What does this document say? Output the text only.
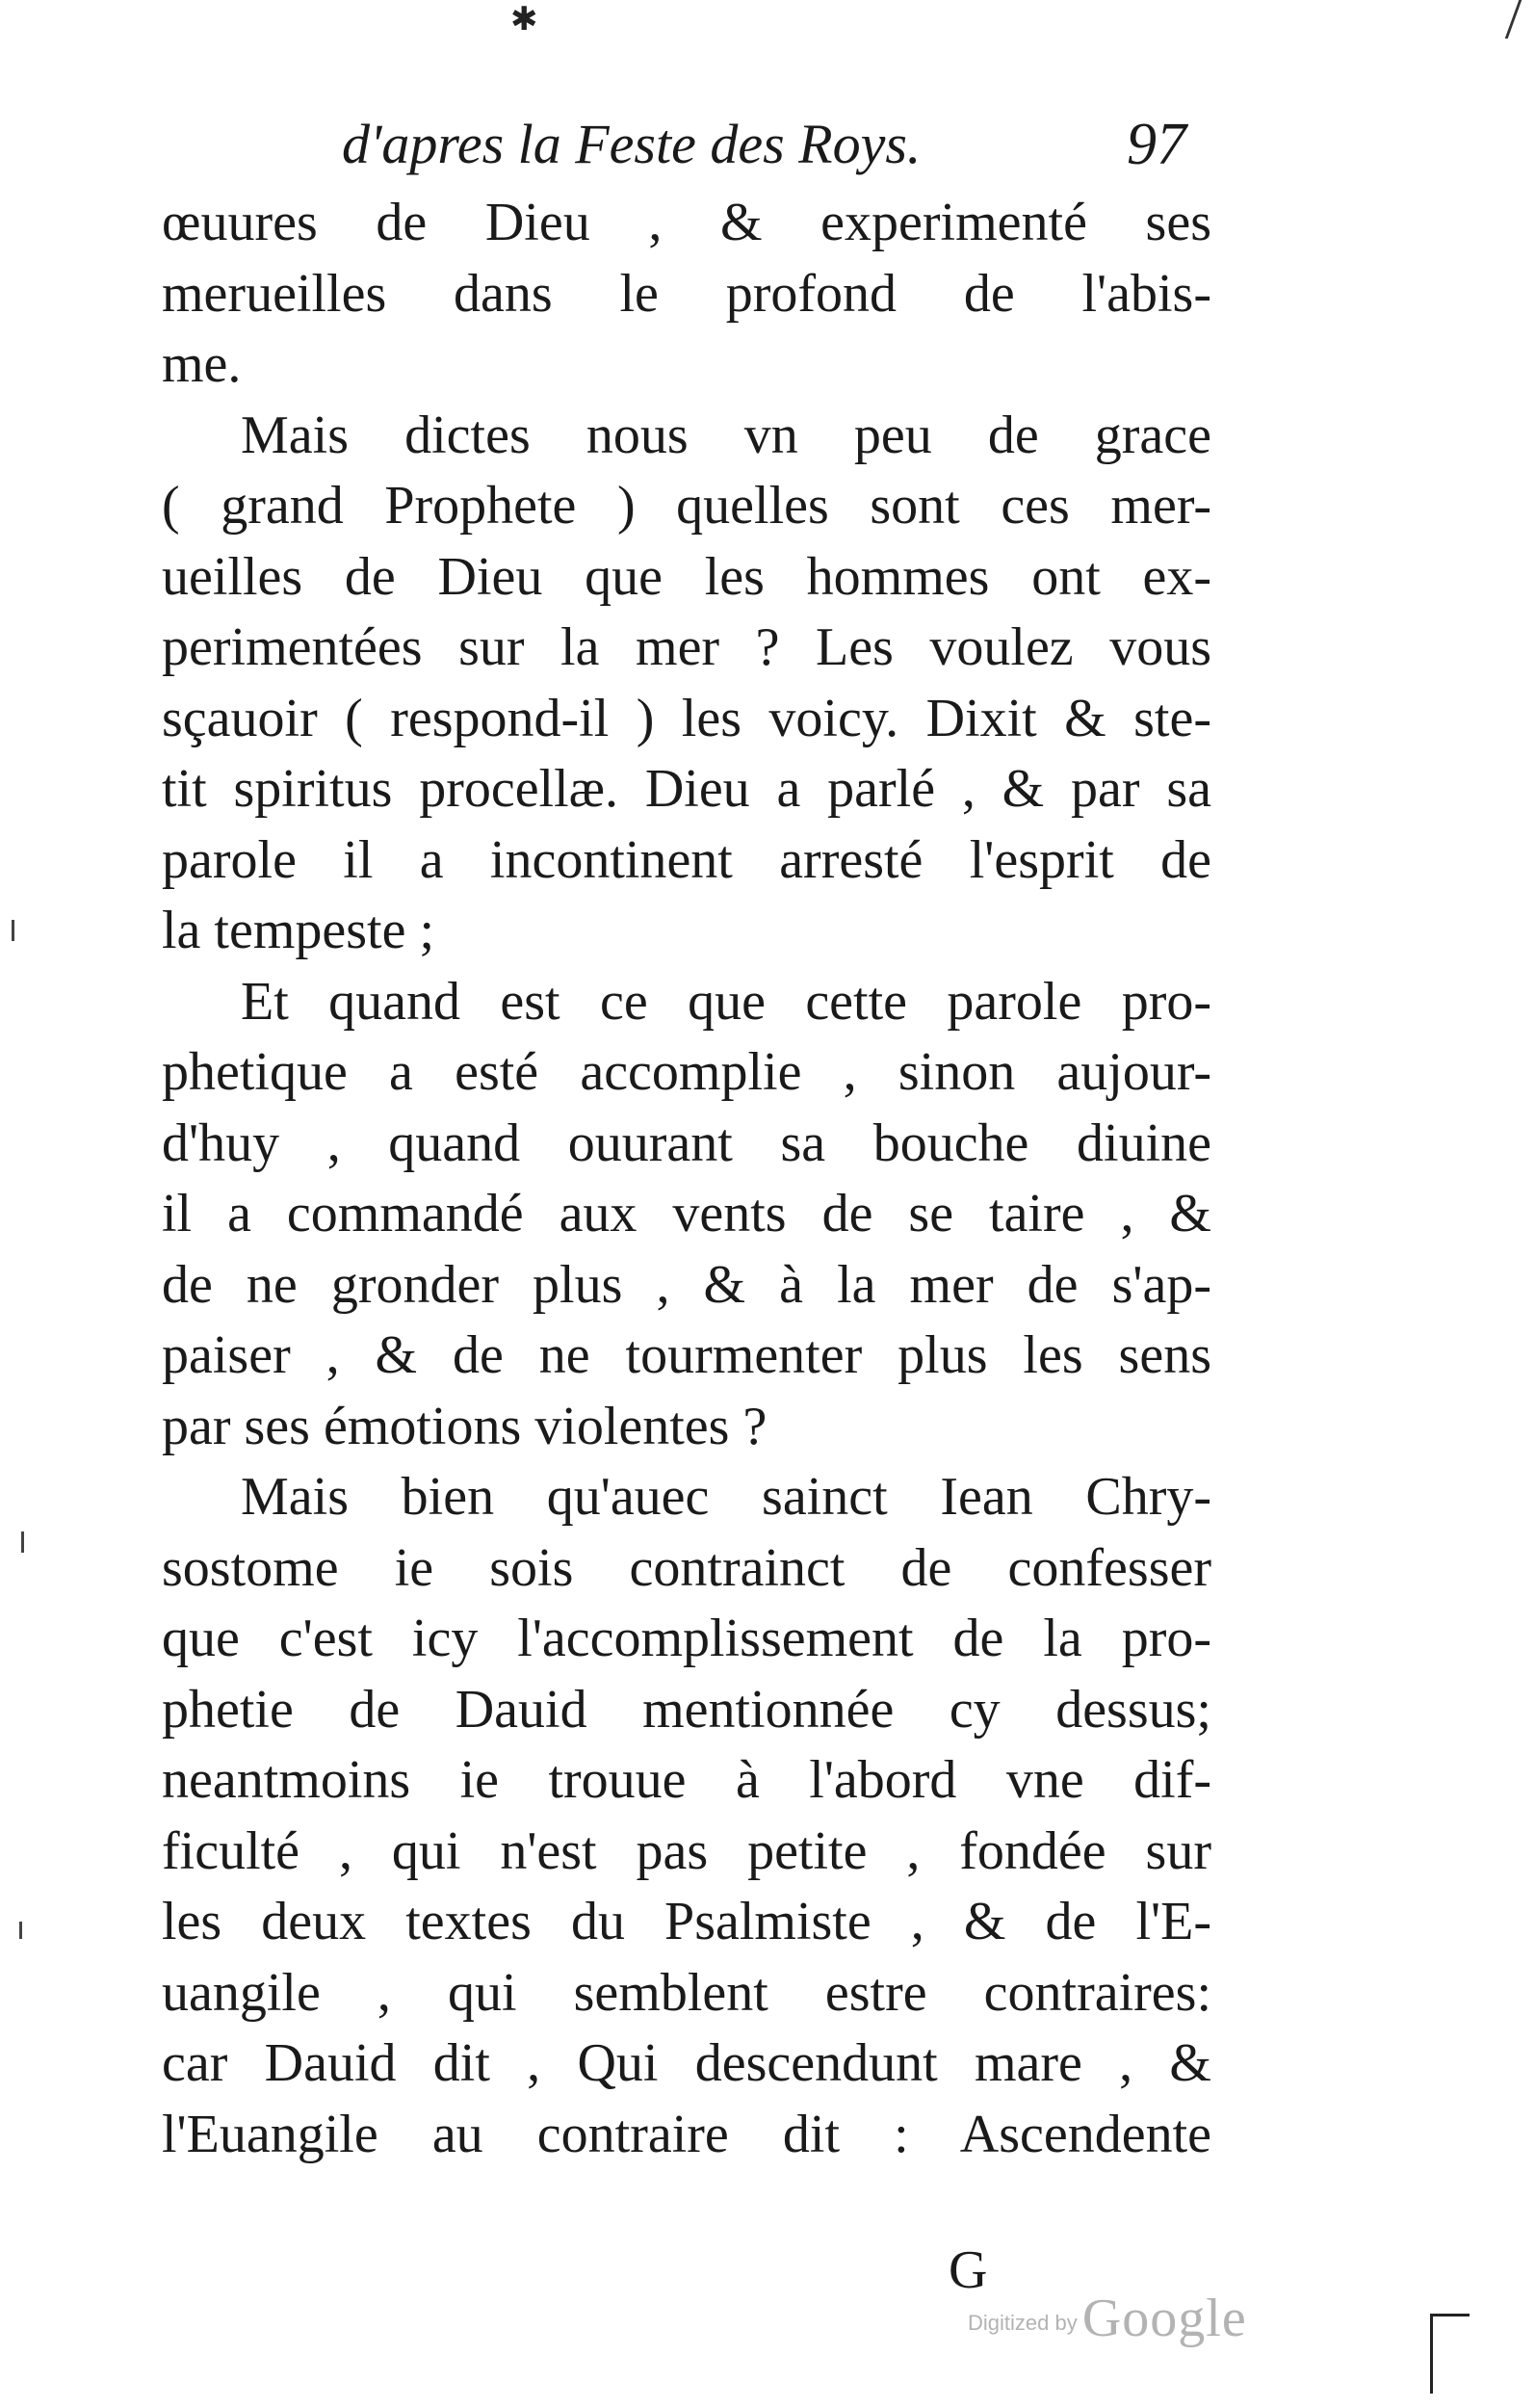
✱
d'apres la Feste des Roys.	97
œuures de Dieu , & experimenté ses
merueilles dans le profond de l'abis-
me.
Mais dictes nous vn peu de grace
( grand Prophete ) quelles sont ces mer-
ueilles de Dieu que les hommes ont ex-
perimentées sur la mer ? Les voulez vous
sçauoir ( respond-il ) les voicy. Dixit & ste-
tit spiritus procellæ. Dieu a parlé , & par sa
parole il a incontinent arresté l'esprit de
la tempeste ;
Et quand est ce que cette parole pro-
phetique a esté accomplie , sinon aujour-
d'huy , quand ouurant sa bouche diuine
il a commandé aux vents de se taire , &
de ne gronder plus , & à la mer de s'ap-
paiser , & de ne tourmenter plus les sens
par ses émotions violentes ?
Mais bien qu'auec sainct Iean Chry-
sostome ie sois contrainct de confesser
que c'est icy l'accomplissement de la pro-
phetie de Dauid mentionnée cy dessus;
neantmoins ie trouue à l'abord vne dif-
ficulté , qui n'est pas petite , fondée sur
les deux textes du Psalmiste , & de l'E-
uangile , qui semblent estre contraires:
car Dauid dit , Qui descendunt mare , &
l'Euangile au contraire dit : Ascendente
G
Digitized by Google
